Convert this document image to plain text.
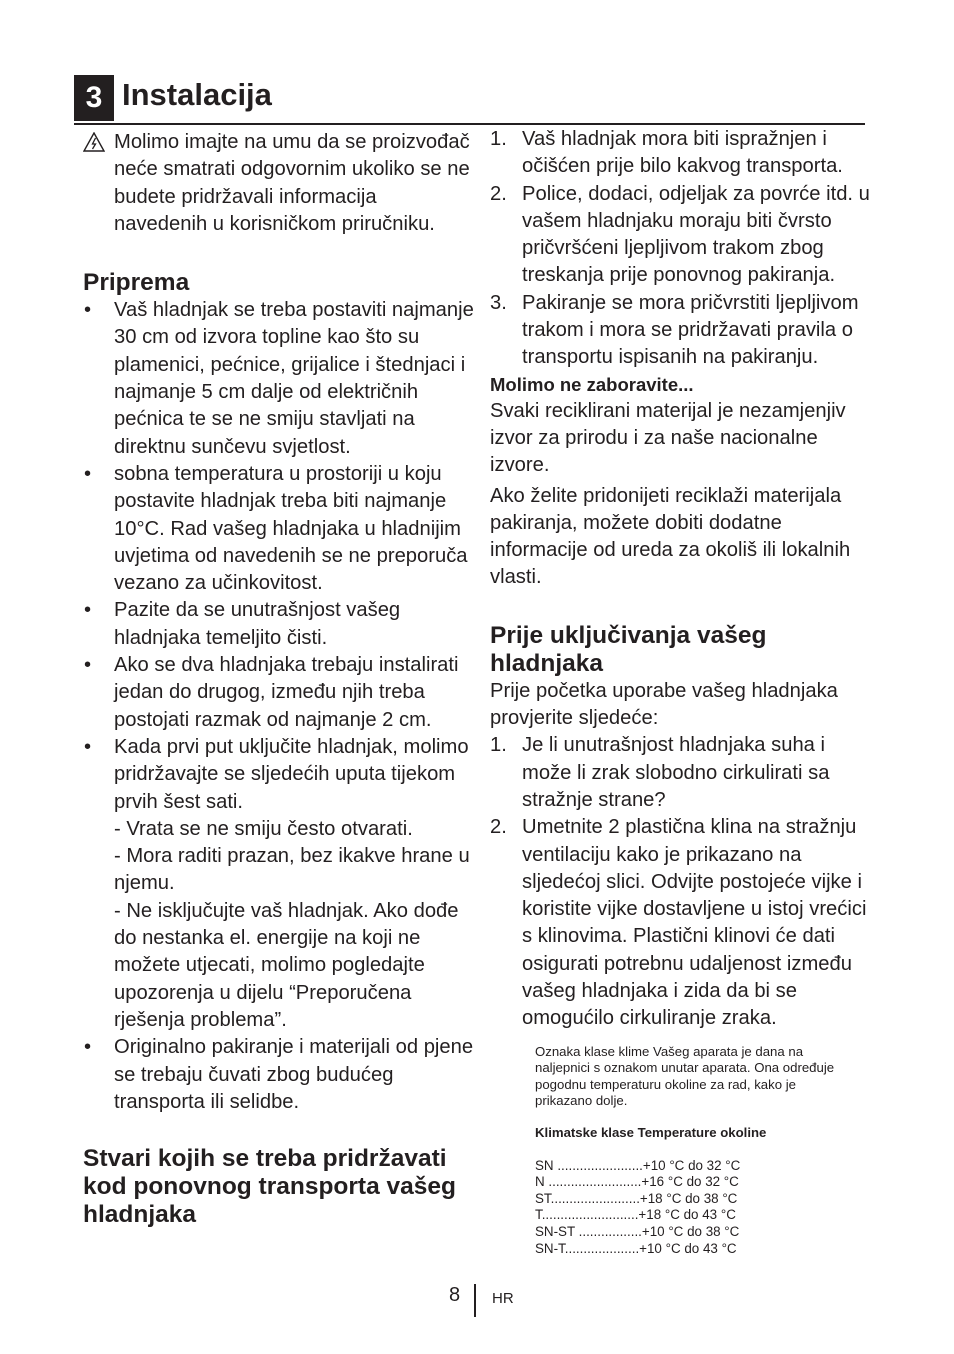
3 Instalacija
Molimo imajte na umu da se proizvođač neće smatrati odgovornim ukoliko se ne budete pridržavali informacija navedenih u korisničkom priručniku.
Priprema
• Vaš hladnjak se treba postaviti najmanje 30 cm od izvora topline kao što su plamenici, pećnice, grijalice i štednjaci i najmanje 5 cm dalje od električnih pećnica te se ne smiju stavljati na direktnu sunčevu svjetlost.
• sobna temperatura u prostoriji u koju postavite hladnjak treba biti najmanje 10°C. Rad vašeg hladnjaka u hladnijim uvjetima od navedenih se ne preporuča vezano za učinkovitost.
• Pazite da se unutrašnjost vašeg hladnjaka temeljito čisti.
• Ako se dva hladnjaka trebaju instalirati jedan do drugog, između njih treba postojati razmak od najmanje 2 cm.
• Kada prvi put uključite hladnjak, molimo pridržavajte se sljedećih uputa tijekom prvih šest sati.
- Vrata se ne smiju često otvarati.
- Mora raditi prazan, bez ikakve hrane u njemu.
- Ne isključujte vaš hladnjak. Ako dođe do nestanka el. energije na koji ne možete utjecati, molimo pogledajte upozorenja u dijelu “Preporučena rješenja problema”.
• Originalno pakiranje i materijali od pjene se trebaju čuvati zbog budućeg transporta ili selidbe.
Stvari kojih se treba pridržavati kod ponovnog transporta vašeg hladnjaka
1. Vaš hladnjak mora biti ispražnjen i očišćen prije bilo kakvog transporta.
2. Police, dodaci, odjeljak za povrće itd. u vašem hladnjaku moraju biti čvrsto pričvršćeni ljepljivom trakom zbog treskanja prije ponovnog pakiranja.
3. Pakiranje se mora pričvrstiti ljepljivom trakom i mora se pridržavati pravila o transportu ispisanih na pakiranju.
Molimo ne zaboravite...

Svaki reciklirani materijal je nezamjenjiv izvor za prirodu i za naše nacionalne izvore.

Ako želite pridonijeti reciklaži materijala pakiranja, možete dobiti dodatne informacije od ureda za okoliš ili lokalnih vlasti.

Prije uključivanja vašeg hladnjaka

Prije početka uporabe vašeg hladnjaka provjerite sljedeće:

1. Je li unutrašnjost hladnjaka suha i može li zrak slobodno cirkulirati sa stražnje strane?
2. Umetnite 2 plastična klina na stražnju ventilaciju kako je prikazano na sljedećoj slici. Odvijte postojeće vijke i koristite vijke dostavljene u istoj vrećici s klinovima. Plastični klinovi će dati osigurati potrebnu udaljenost između vašeg hladnjaka i zida da bi se omogućilo cirkuliranje zraka.
Oznaka klase klime Vašeg aparata je dana na naljepnici s oznakom unutar aparata. Ona određuje pogodnu temperaturu okoline za rad, kako je prikazano dolje.
Klimatske klase Temperature okoline
SN .......................+10 °C do 32 °C
N .........................+16 °C do 32 °C
ST........................+18 °C do 38 °C
T..........................+18 °C do 43 °C
SN-ST .................+10 °C do 38 °C
SN-T....................+10 °C do 43 °C
8 HR
